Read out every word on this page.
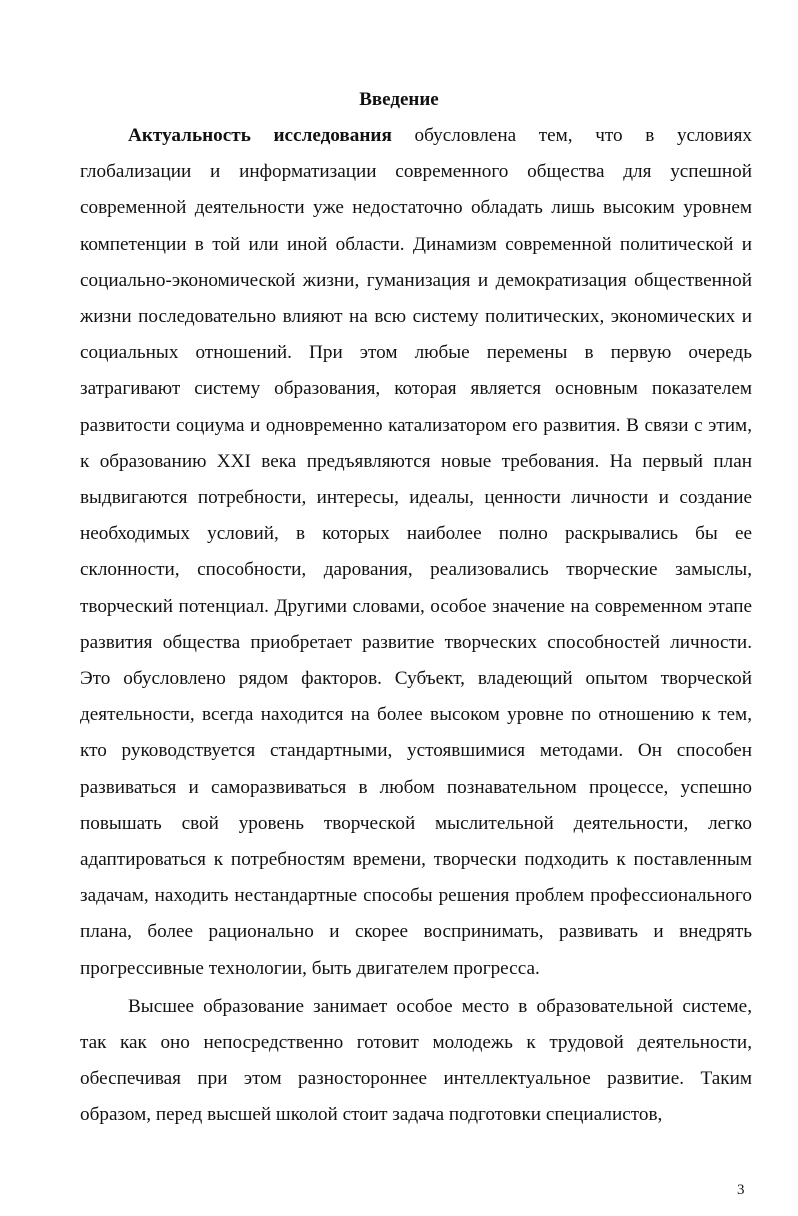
Введение

Актуальность исследования обусловлена тем, что в условиях глобализации и информатизации современного общества для успешной современной деятельности уже недостаточно обладать лишь высоким уровнем компетенции в той или иной области. Динамизм современной политической и социально-экономической жизни, гуманизация и демократизация общественной жизни последовательно влияют на всю систему политических, экономических и социальных отношений. При этом любые перемены в первую очередь затрагивают систему образования, которая является основным показателем развитости социума и одновременно катализатором его развития. В связи с этим, к образованию XXI века предъявляются новые требования. На первый план выдвигаются потребности, интересы, идеалы, ценности личности и создание необходимых условий, в которых наиболее полно раскрывались бы ее склонности, способности, дарования, реализовались творческие замыслы, творческий потенциал. Другими словами, особое значение на современном этапе развития общества приобретает развитие творческих способностей личности. Это обусловлено рядом факторов. Субъект, владеющий опытом творческой деятельности, всегда находится на более высоком уровне по отношению к тем, кто руководствуется стандартными, устоявшимися методами. Он способен развиваться и саморазвиваться в любом познавательном процессе, успешно повышать свой уровень творческой мыслительной деятельности, легко адаптироваться к потребностям времени, творчески подходить к поставленным задачам, находить нестандартные способы решения проблем профессионального плана, более рационально и скорее воспринимать, развивать и внедрять прогрессивные технологии, быть двигателем прогресса.

Высшее образование занимает особое место в образовательной системе, так как оно непосредственно готовит молодежь к трудовой деятельности, обеспечивая при этом разностороннее интеллектуальное развитие. Таким образом, перед высшей школой стоит задача подготовки специалистов,

3
